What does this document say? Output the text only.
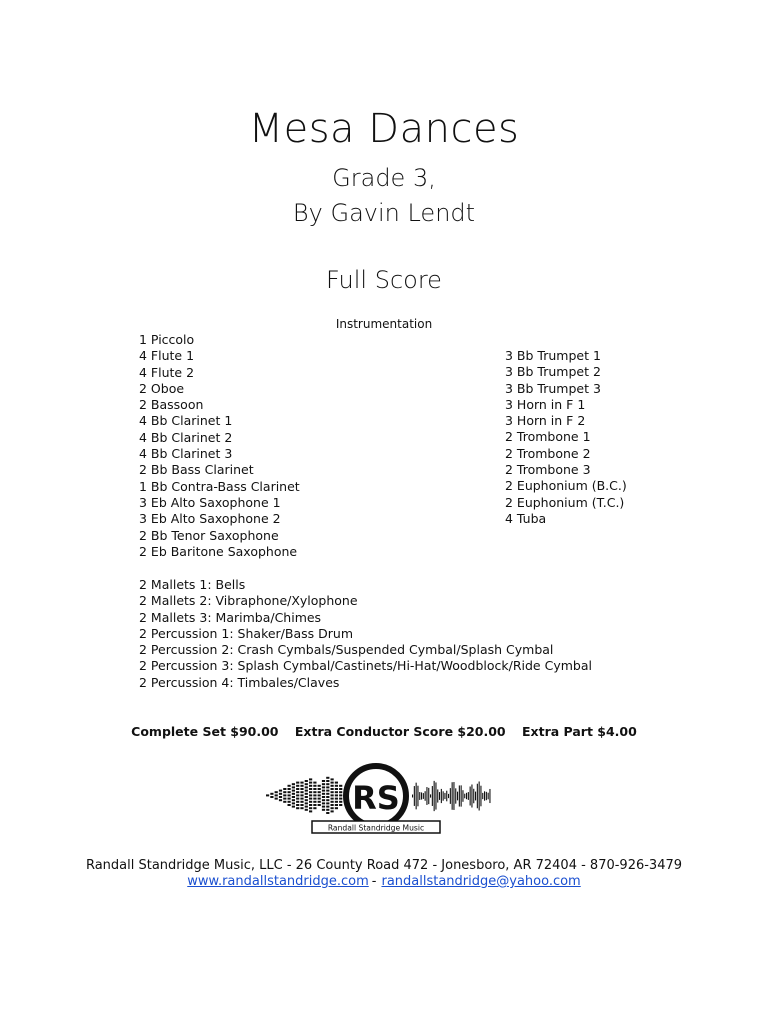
Mesa Dances
Grade 3,
By Gavin Lendt
Full Score
Instrumentation
1 Piccolo
4 Flute 1
4 Flute 2
2 Oboe
2 Bassoon
4 Bb Clarinet 1
4 Bb Clarinet 2
4 Bb Clarinet 3
2 Bb Bass Clarinet
1 Bb Contra-Bass Clarinet
3 Eb Alto Saxophone 1
3 Eb Alto Saxophone 2
2 Bb Tenor Saxophone
2 Eb Baritone Saxophone
3 Bb Trumpet 1
3 Bb Trumpet 2
3 Bb Trumpet 3
3 Horn in F 1
3 Horn in F 2
2 Trombone 1
2 Trombone 2
2 Trombone 3
2 Euphonium (B.C.)
2 Euphonium (T.C.)
4 Tuba
2 Mallets 1: Bells
2 Mallets 2: Vibraphone/Xylophone
2 Mallets 3: Marimba/Chimes
2 Percussion 1: Shaker/Bass Drum
2 Percussion 2: Crash Cymbals/Suspended Cymbal/Splash Cymbal
2 Percussion 3: Splash Cymbal/Castinets/Hi-Hat/Woodblock/Ride Cymbal
2 Percussion 4: Timbales/Claves
Complete Set $90.00 Extra Conductor Score $20.00 Extra Part $4.00
RS
Randall Standridge Music
Randall Standridge Music, LLC - 26 County Road 472 - Jonesboro, AR 72404 - 870-926-3479
www.randallstandridge.com - randallstandridge@yahoo.com
